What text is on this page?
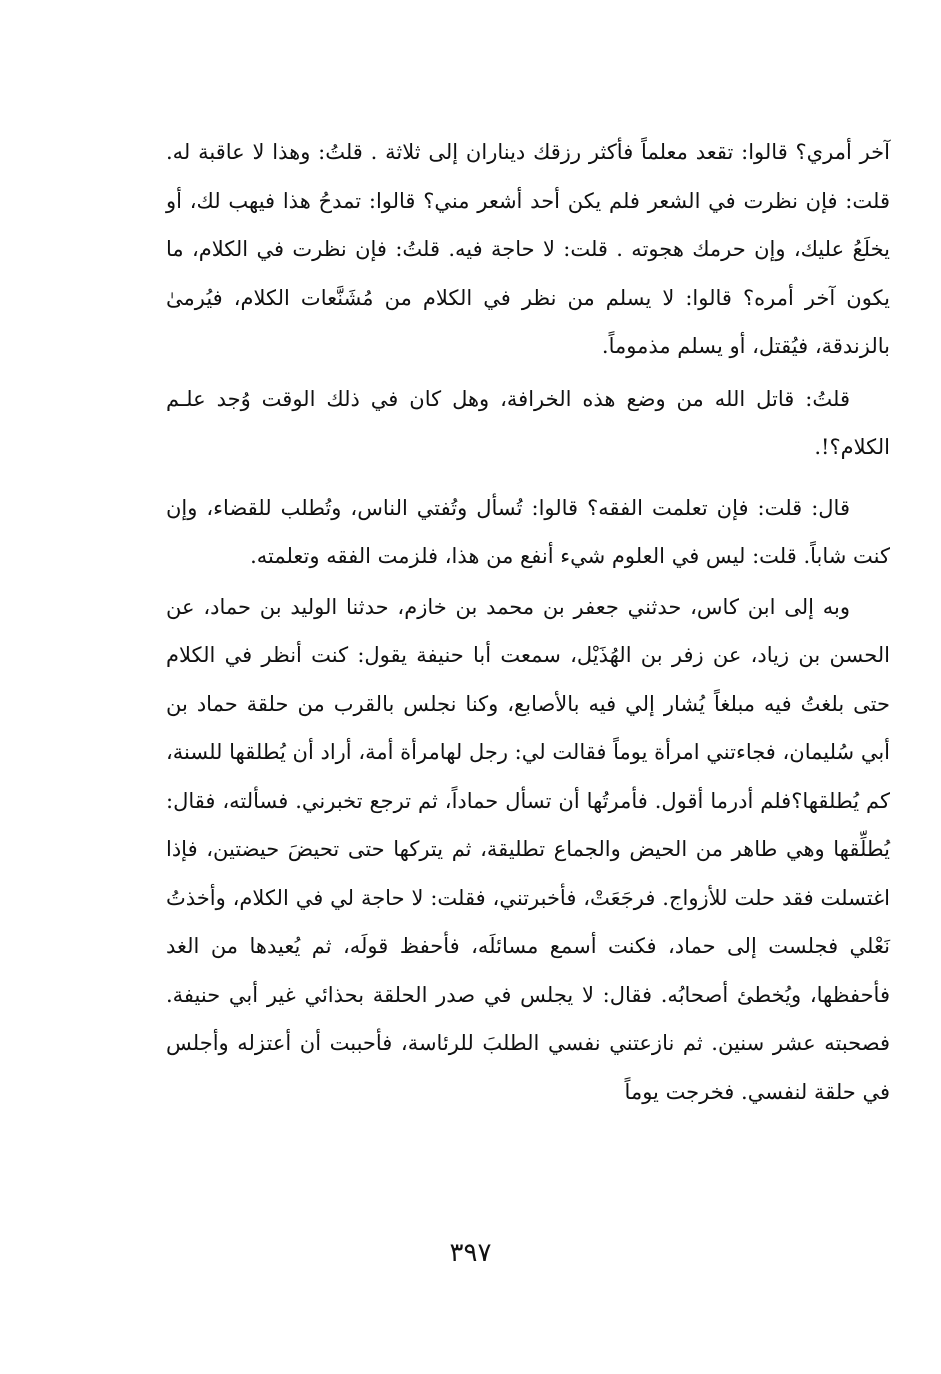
آخر أمري؟ قالوا: تقعد معلماً فأكثر رزقك ديناران إلى ثلاثة . قلتُ: وهذا لا عاقبة له. قلت: فإن نظرت في الشعر فلم يكن أحد أشعر مني؟ قالوا: تمدحُ هذا فيهب لك، أو يخلَعُ عليك، وإن حرمك هجوته . قلت: لا حاجة فيه. قلتُ: فإن نظرت في الكلام، ما يكون آخر أمره؟ قالوا: لا يسلم من نظر في الكلام من مُشَنَّعات الكلام، فيُرمىٰ بالزندقة، فيُقتل، أو يسلم مذموماً.

قلتُ: قاتل الله من وضع هذه الخرافة، وهل كان في ذلك الوقت وُجد علـم الكلام؟!.

قال: قلت: فإن تعلمت الفقه؟ قالوا: تُسأل وتُفتي الناس، وتُطلب للقضاء، وإن كنت شاباً. قلت: ليس في العلوم شيء أنفع من هذا، فلزمت الفقه وتعلمته.

وبه إلى ابن كاس، حدثني جعفر بن محمد بن خازم، حدثنا الوليد بن حماد، عن الحسن بن زياد، عن زفر بن الهُذَيْل، سمعت أبا حنيفة يقول: كنت أنظر في الكلام حتى بلغتُ فيه مبلغاً يُشار إلي فيه بالأصابع، وكنا نجلس بالقرب من حلقة حماد بن أبي سُليمان، فجاءتني امرأة يوماً فقالت لي: رجل لهامرأة أمة، أراد أن يُطلقها للسنة، كم يُطلقها؟فلم أدرما أقول. فأمرتُها أن تسأل حماداً، ثم ترجع تخبرني. فسألته، فقال: يُطلِّقها وهي طاهر من الحيض والجماع تطليقة، ثم يتركها حتى تحيضَ حيضتين، فإذا اغتسلت فقد حلت للأزواج. فرجَعَتْ، فأخبرتني، فقلت: لا حاجة لي في الكلام، وأخذتُ نَعْلي فجلست إلى حماد، فكنت أسمع مسائلَه، فأحفظ قولَه، ثم يُعيدها من الغد فأحفظها، ويُخطئ أصحابُه. فقال: لا يجلس في صدر الحلقة بحذائي غير أبي حنيفة. فصحبته عشر سنين. ثم نازعتني نفسي الطلبَ للرئاسة، فأحببت أن أعتزله وأجلس في حلقة لنفسي. فخرجت يوماً

٣٩٧
